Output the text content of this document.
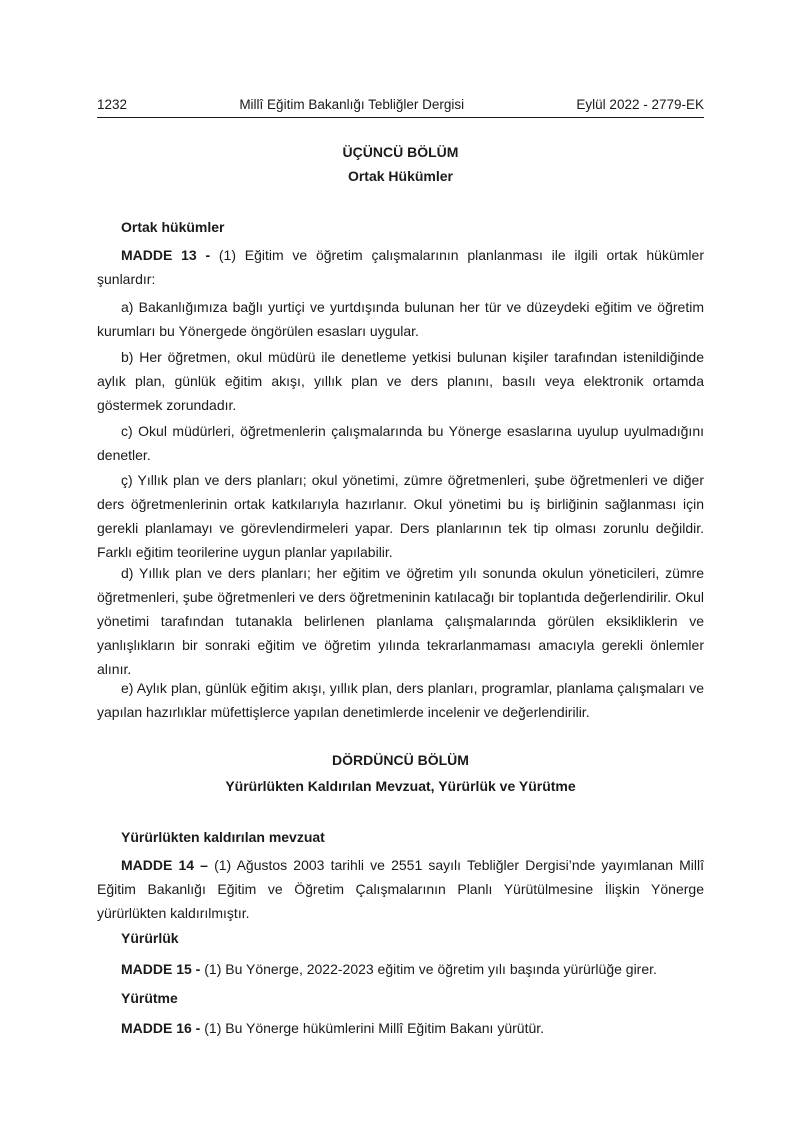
1232	Millî Eğitim Bakanlığı Tebliğler Dergisi	Eylül 2022 - 2779-EK
ÜÇÜNCÜ BÖLÜM
Ortak Hükümler
Ortak hükümler

MADDE 13 - (1) Eğitim ve öğretim çalışmalarının planlanması ile ilgili ortak hükümler şunlardır:

a) Bakanlığımıza bağlı yurtiçi ve yurtdışında bulunan her tür ve düzeydeki eğitim ve öğretim kurumları bu Yönergede öngörülen esasları uygular.

b) Her öğretmen, okul müdürü ile denetleme yetkisi bulunan kişiler tarafından istenildiğinde aylık plan, günlük eğitim akışı, yıllık plan ve ders planını, basılı veya elektronik ortamda göstermek zorundadır.

c) Okul müdürleri, öğretmenlerin çalışmalarında bu Yönerge esaslarına uyulup uyulmadığını denetler.

ç) Yıllık plan ve ders planları; okul yönetimi, zümre öğretmenleri, şube öğretmenleri ve diğer ders öğretmenlerinin ortak katkılarıyla hazırlanır. Okul yönetimi bu iş birliğinin sağlanması için gerekli planlamayı ve görevlendirmeleri yapar. Ders planlarının tek tip olması zorunlu değildir. Farklı eğitim teorilerine uygun planlar yapılabilir.

d) Yıllık plan ve ders planları; her eğitim ve öğretim yılı sonunda okulun yöneticileri, zümre öğretmenleri, şube öğretmenleri ve ders öğretmeninin katılacağı bir toplantıda değerlendirilir. Okul yönetimi tarafından tutanakla belirlenen planlama çalışmalarında görülen eksikliklerin ve yanlışlıkların bir sonraki eğitim ve öğretim yılında tekrarlanmaması amacıyla gerekli önlemler alınır.

e) Aylık plan, günlük eğitim akışı, yıllık plan, ders planları, programlar, planlama çalışmaları ve yapılan hazırlıklar müfettişlerce yapılan denetimlerde incelenir ve değerlendirilir.

DÖRDÜNCÜ BÖLÜM
Yürürlükten Kaldırılan Mevzuat, Yürürlük ve Yürütme
Yürürlükten kaldırılan mevzuat

MADDE 14 – (1) Ağustos 2003 tarihli ve 2551 sayılı Tebliğler Dergisi’nde yayımlanan Millî Eğitim Bakanlığı Eğitim ve Öğretim Çalışmalarının Planlı Yürütülmesine İlişkin Yönerge yürürlükten kaldırılmıştır.

Yürürlük

MADDE 15 - (1) Bu Yönerge, 2022-2023 eğitim ve öğretim yılı başında yürürlüğe girer.

Yürütme

MADDE 16 - (1) Bu Yönerge hükümlerini Millî Eğitim Bakanı yürütür.
